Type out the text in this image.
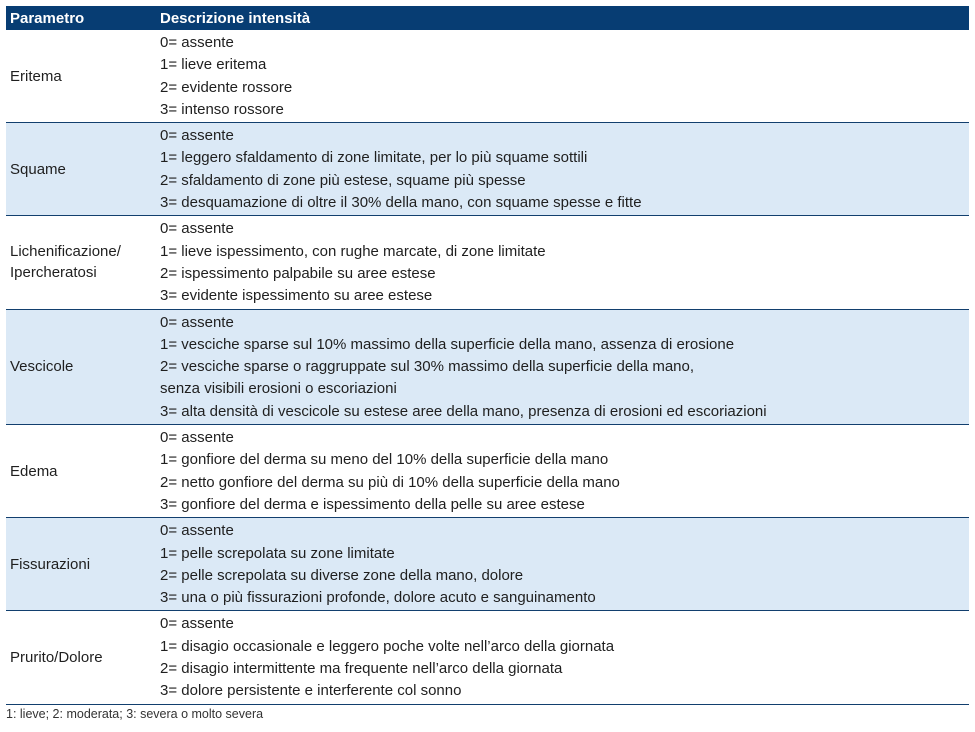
Parametro	Descrizione intensità
Eritema
0= assente
1= lieve eritema
2= evidente rossore
3= intenso rossore
Squame
0= assente
1= leggero sfaldamento di zone limitate, per lo più squame sottili
2= sfaldamento di zone più estese, squame più spesse
3= desquamazione di oltre il 30% della mano, con squame spesse e fitte
Lichenificazione/
Ipercheratosi
0= assente
1= lieve ispessimento, con rughe marcate, di zone limitate
2= ispessimento palpabile su aree estese
3= evidente ispessimento su aree estese
Vescicole
0= assente
1= vesciche sparse sul 10% massimo della superficie della mano, assenza di erosione
2= vesciche sparse o raggruppate sul 30% massimo della superficie della mano,
senza visibili erosioni o escoriazioni
3= alta densità di vescicole su estese aree della mano, presenza di erosioni ed escoriazioni
Edema
0= assente
1= gonfiore del derma su meno del 10% della superficie della mano
2= netto gonfiore del derma su più di 10% della superficie della mano
3= gonfiore del derma e ispessimento della pelle su aree estese
Fissurazioni
0= assente
1= pelle screpolata su zone limitate
2= pelle screpolata su diverse zone della mano, dolore
3= una o più fissurazioni profonde, dolore acuto e sanguinamento
Prurito/Dolore
0= assente
1= disagio occasionale e leggero poche volte nell’arco della giornata
2= disagio intermittente ma frequente nell’arco della giornata
3= dolore persistente e interferente col sonno
1: lieve; 2: moderata; 3: severa o molto severa
